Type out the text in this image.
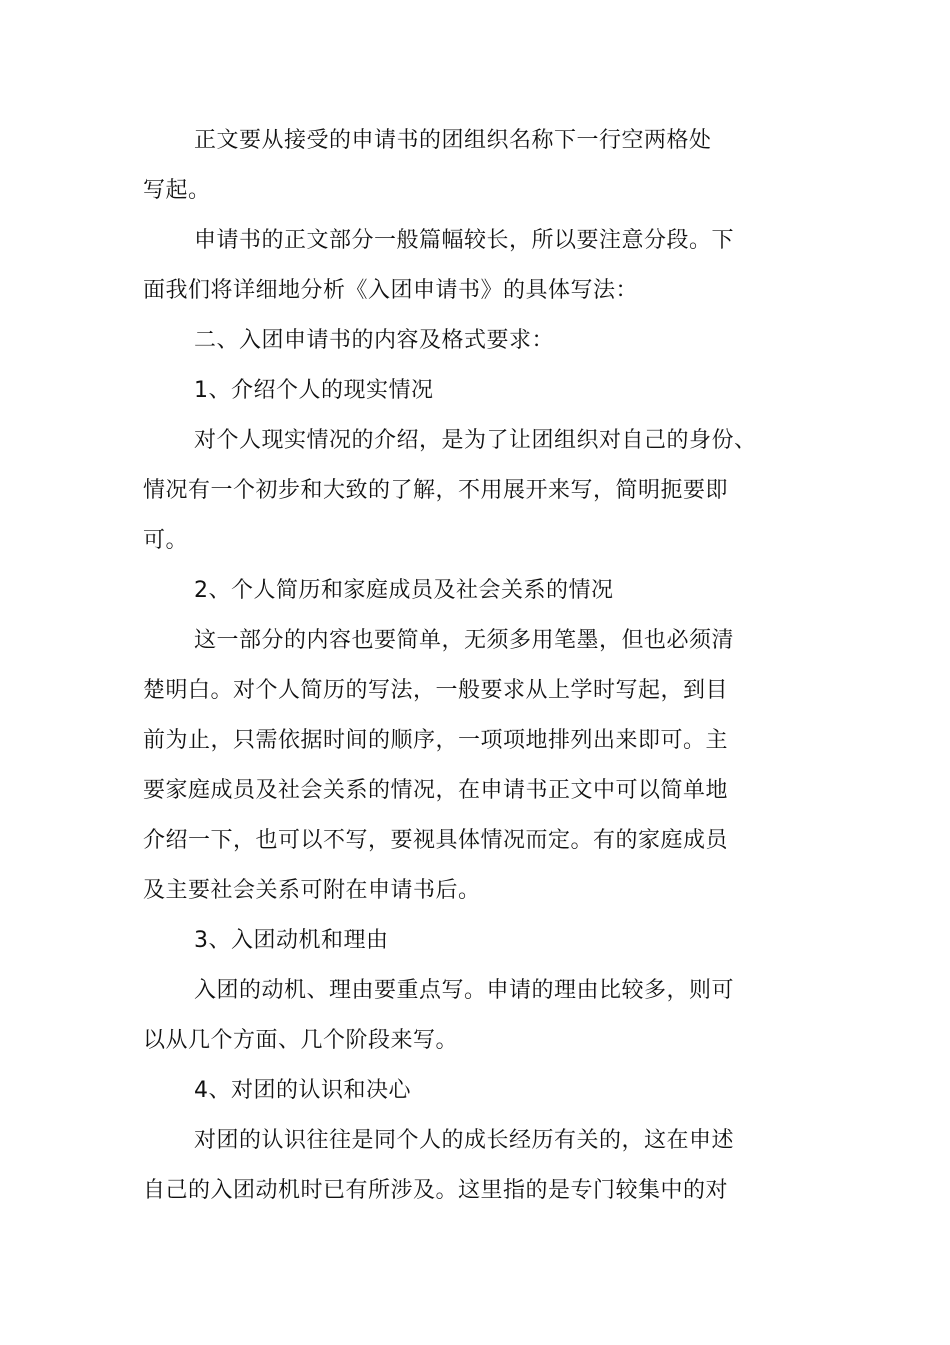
正文要从接受的申请书的团组织名称下一行空两格处
写起。
申请书的正文部分一般篇幅较长，所以要注意分段。下
面我们将详细地分析《入团申请书》的具体写法：
二、入团申请书的内容及格式要求：
1、介绍个人的现实情况
对个人现实情况的介绍，是为了让团组织对自己的身份、
情况有一个初步和大致的了解，不用展开来写，简明扼要即
可。
2、个人简历和家庭成员及社会关系的情况
这一部分的内容也要简单，无须多用笔墨，但也必须清
楚明白。对个人简历的写法，一般要求从上学时写起，到目
前为止，只需依据时间的顺序，一项项地排列出来即可。主
要家庭成员及社会关系的情况，在申请书正文中可以简单地
介绍一下，也可以不写，要视具体情况而定。有的家庭成员
及主要社会关系可附在申请书后。
3、入团动机和理由
入团的动机、理由要重点写。申请的理由比较多，则可
以从几个方面、几个阶段来写。
4、对团的认识和决心
对团的认识往往是同个人的成长经历有关的，这在申述
自己的入团动机时已有所涉及。这里指的是专门较集中的对
